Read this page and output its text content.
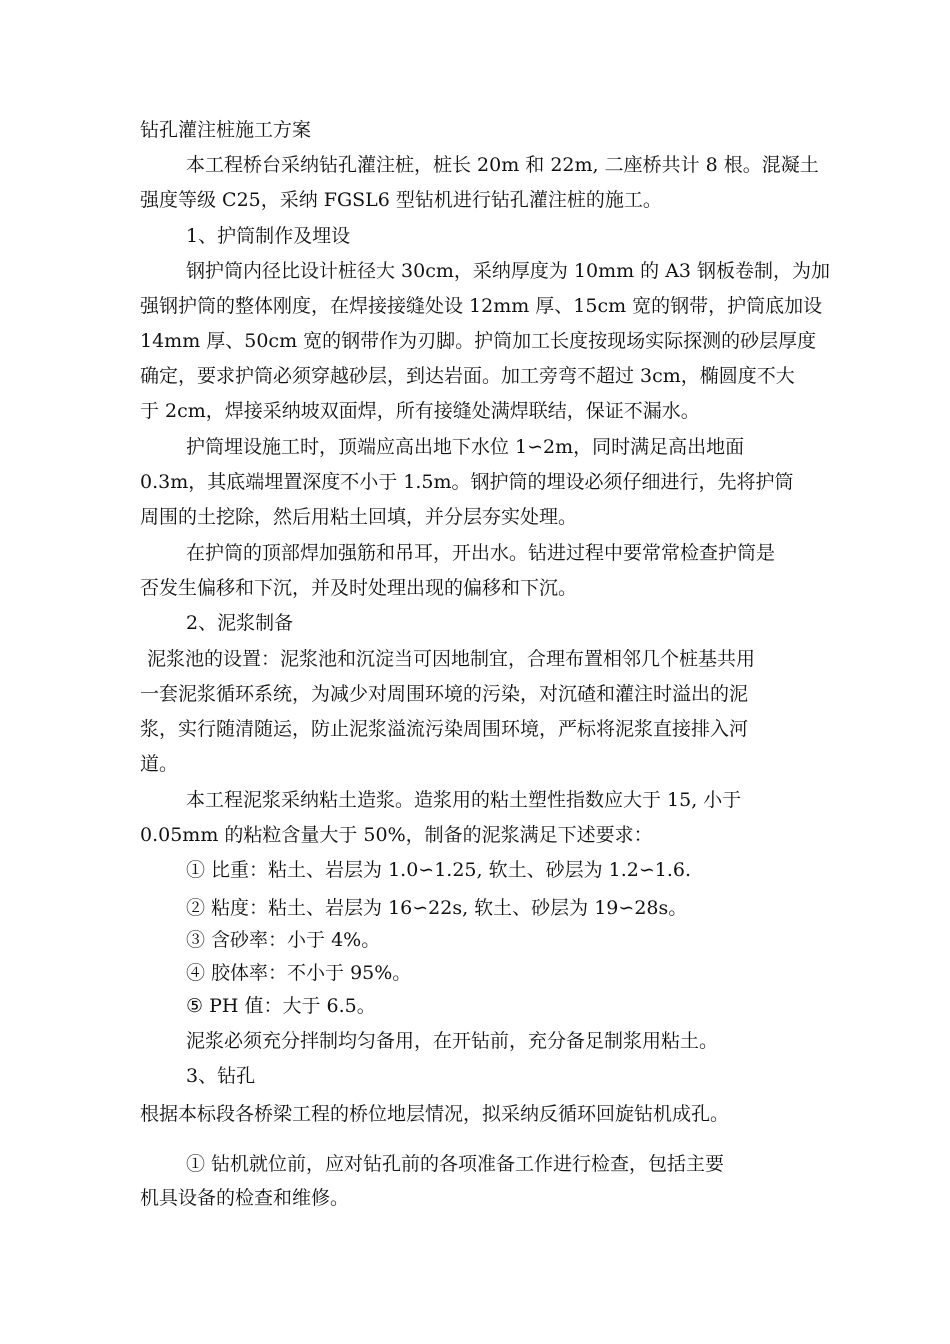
钻孔灌注桩施工方案
本工程桥台采纳钻孔灌注桩，桩长 20m 和 22m, 二座桥共计 8 根。混凝土
强度等级 C25，采纳 FGSL6 型钻机进行钻孔灌注桩的施工。
1、护筒制作及埋设
钢护筒内径比设计桩径大 30cm，采纳厚度为 10mm 的 A3 钢板卷制，为加
强钢护筒的整体刚度，在焊接接缝处设 12mm 厚、15cm 宽的钢带，护筒底加设
14mm 厚、50cm 宽的钢带作为刃脚。护筒加工长度按现场实际探测的砂层厚度
确定，要求护筒必须穿越砂层，到达岩面。加工旁弯不超过 3cm，椭圆度不大
于 2cm，焊接采纳坡双面焊，所有接缝处满焊联结，保证不漏水。
护筒埋设施工时，顶端应高出地下水位 1∽2m，同时满足高出地面
0.3m，其底端埋置深度不小于 1.5m。钢护筒的埋设必须仔细进行，先将护筒
周围的土挖除，然后用粘土回填，并分层夯实处理。
在护筒的顶部焊加强筋和吊耳，开出水。钻进过程中要常常检查护筒是
否发生偏移和下沉，并及时处理出现的偏移和下沉。
2、泥浆制备
泥浆池的设置：泥浆池和沉淀当可因地制宜，合理布置相邻几个桩基共用
一套泥浆循环系统，为减少对周围环境的污染，对沉碴和灌注时溢出的泥
浆，实行随清随运，防止泥浆溢流污染周围环境，严标将泥浆直接排入河
道。
本工程泥浆采纳粘土造浆。造浆用的粘土塑性指数应大于 15, 小于
0.05mm 的粘粒含量大于 50%，制备的泥浆满足下述要求：
① 比重：粘土、岩层为 1.0∽1.25, 软土、砂层为 1.2∽1.6.
② 粘度：粘土、岩层为 16∽22s, 软土、砂层为 19∽28s。
③ 含砂率：小于 4%。
④ 胶体率：不小于 95%。
⑤ PH 值：大于 6.5。
泥浆必须充分拌制均匀备用，在开钻前，充分备足制浆用粘土。
3、钻孔
根据本标段各桥梁工程的桥位地层情况，拟采纳反循环回旋钻机成孔。
① 钻机就位前，应对钻孔前的各项准备工作进行检查，包括主要
机具设备的检查和维修。
